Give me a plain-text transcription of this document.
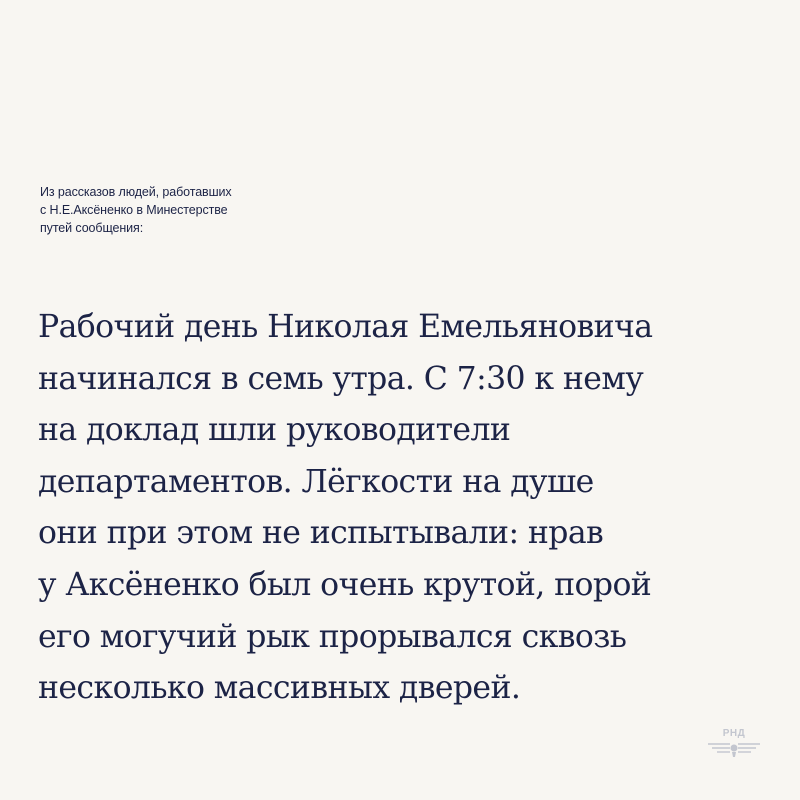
Из рассказов людей, работавших
с Н.Е.Аксёненко в Минестерстве
путей сообщения:
Рабочий день Николая Емельяновича
начинался в семь утра. С 7:30 к нему
на доклад шли руководители
департаментов. Лёгкости на душе
они при этом не испытывали: нрав
у Аксёненко был очень крутой, порой
его могучий рык прорывался сквозь
несколько массивных дверей.
РНД
